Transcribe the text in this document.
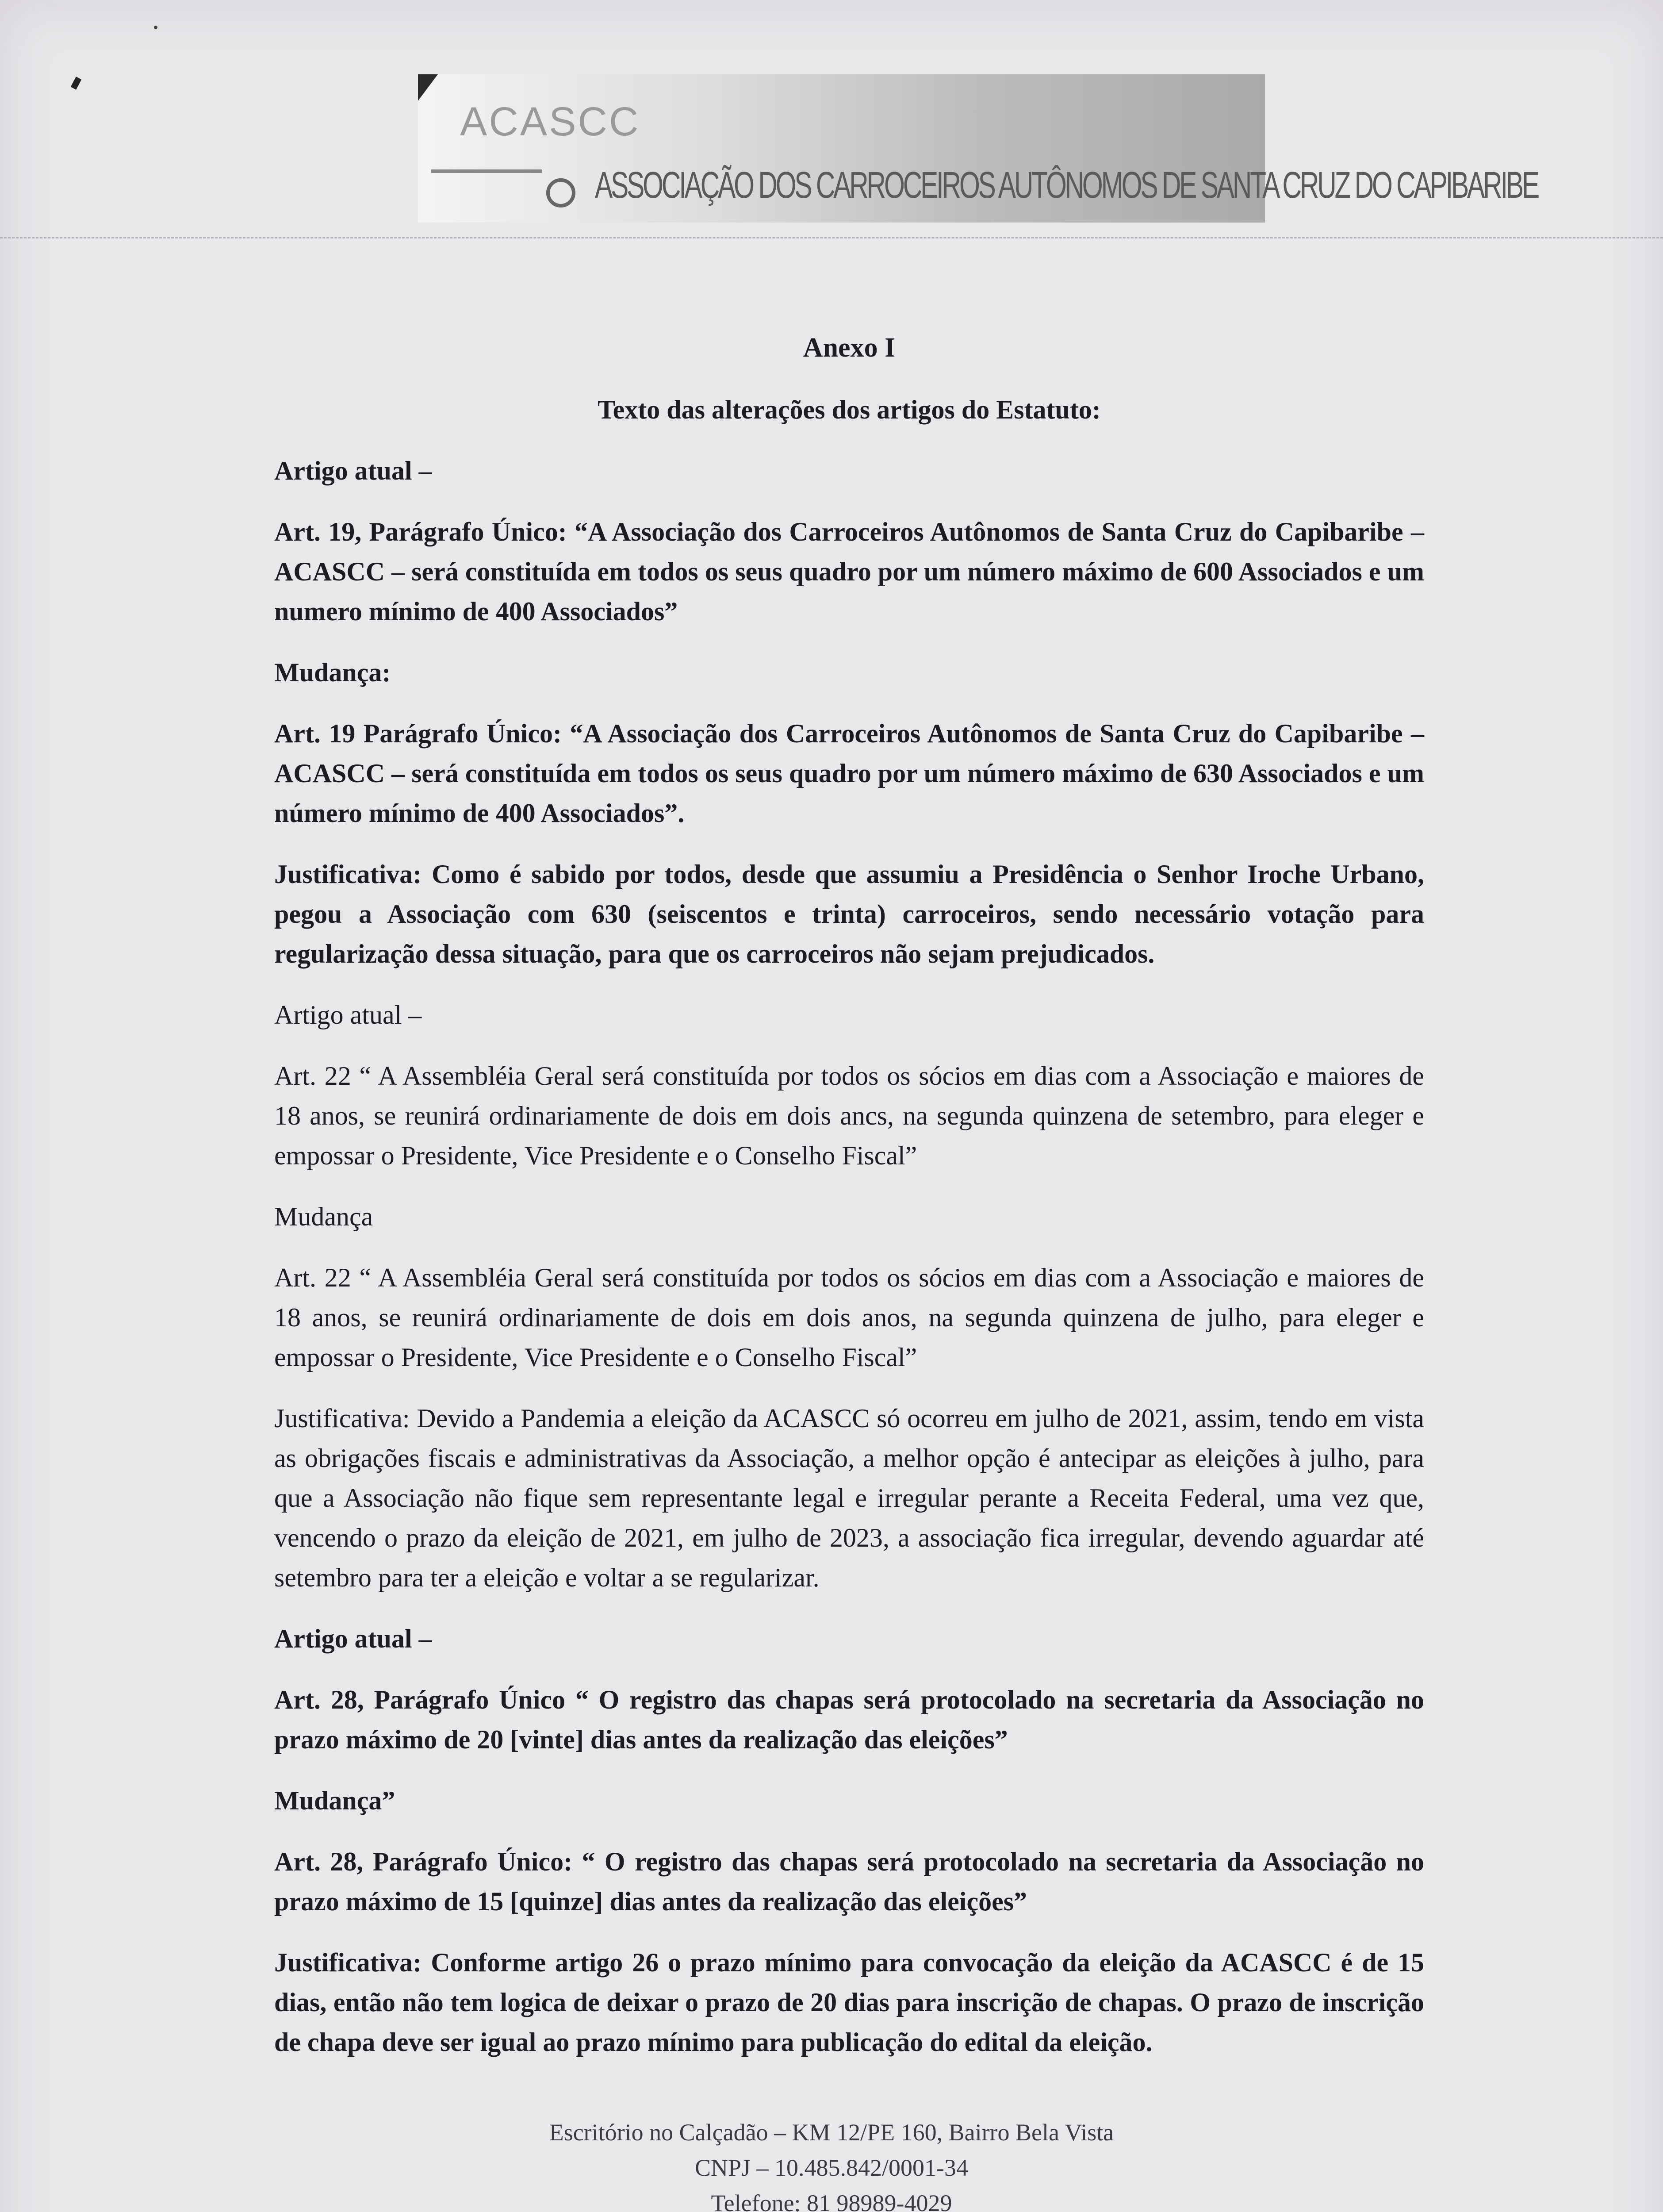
ACASCC
ASSOCIAÇÃO DOS CARROCEIROS AUTÔNOMOS DE SANTA CRUZ DO CAPIBARIBE
Anexo I
Texto das alterações dos artigos do Estatuto:
Artigo atual –

Art. 19, Parágrafo Único: “A Associação dos Carroceiros Autônomos de Santa Cruz do Capibaribe – ACASCC – será constituída em todos os seus quadro por um número máximo de 600 Associados e um numero mínimo de 400 Associados”

Mudança:

Art. 19 Parágrafo Único: “A Associação dos Carroceiros Autônomos de Santa Cruz do Capibaribe – ACASCC – será constituída em todos os seus quadro por um número máximo de 630 Associados e um número mínimo de 400 Associados”.

Justificativa: Como é sabido por todos, desde que assumiu a Presidência o Senhor Iroche Urbano, pegou a Associação com 630 (seiscentos e trinta) carroceiros, sendo necessário votação para regularização dessa situação, para que os carroceiros não sejam prejudicados.

Artigo atual –

Art. 22 “ A Assembléia Geral será constituída por todos os sócios em dias com a Associação e maiores de 18 anos, se reunirá ordinariamente de dois em dois ancs, na segunda quinzena de setembro, para eleger e empossar o Presidente, Vice Presidente e o Conselho Fiscal”

Mudança

Art. 22 “ A Assembléia Geral será constituída por todos os sócios em dias com a Associação e maiores de 18 anos, se reunirá ordinariamente de dois em dois anos, na segunda quinzena de julho, para eleger e empossar o Presidente, Vice Presidente e o Conselho Fiscal”

Justificativa: Devido a Pandemia a eleição da ACASCC só ocorreu em julho de 2021, assim, tendo em vista as obrigações fiscais e administrativas da Associação, a melhor opção é antecipar as eleições à julho, para que a Associação não fique sem representante legal e irregular perante a Receita Federal, uma vez que, vencendo o prazo da eleição de 2021, em julho de 2023, a associação fica irregular, devendo aguardar até setembro para ter a eleição e voltar a se regularizar.

Artigo atual –

Art. 28, Parágrafo Único “ O registro das chapas será protocolado na secretaria da Associação no prazo máximo de 20 [vinte] dias antes da realização das eleições”

Mudança”

Art. 28, Parágrafo Único: “ O registro das chapas será protocolado na secretaria da Associação no prazo máximo de 15 [quinze] dias antes da realização das eleições”

Justificativa: Conforme artigo 26 o prazo mínimo para convocação da eleição da ACASCC é de 15 dias, então não tem logica de deixar o prazo de 20 dias para inscrição de chapas. O prazo de inscrição de chapa deve ser igual ao prazo mínimo para publicação do edital da eleição.

Escritório no Calçadão – KM 12/PE 160, Bairro Bela Vista
CNPJ – 10.485.842/0001-34
Telefone: 81 98989-4029
